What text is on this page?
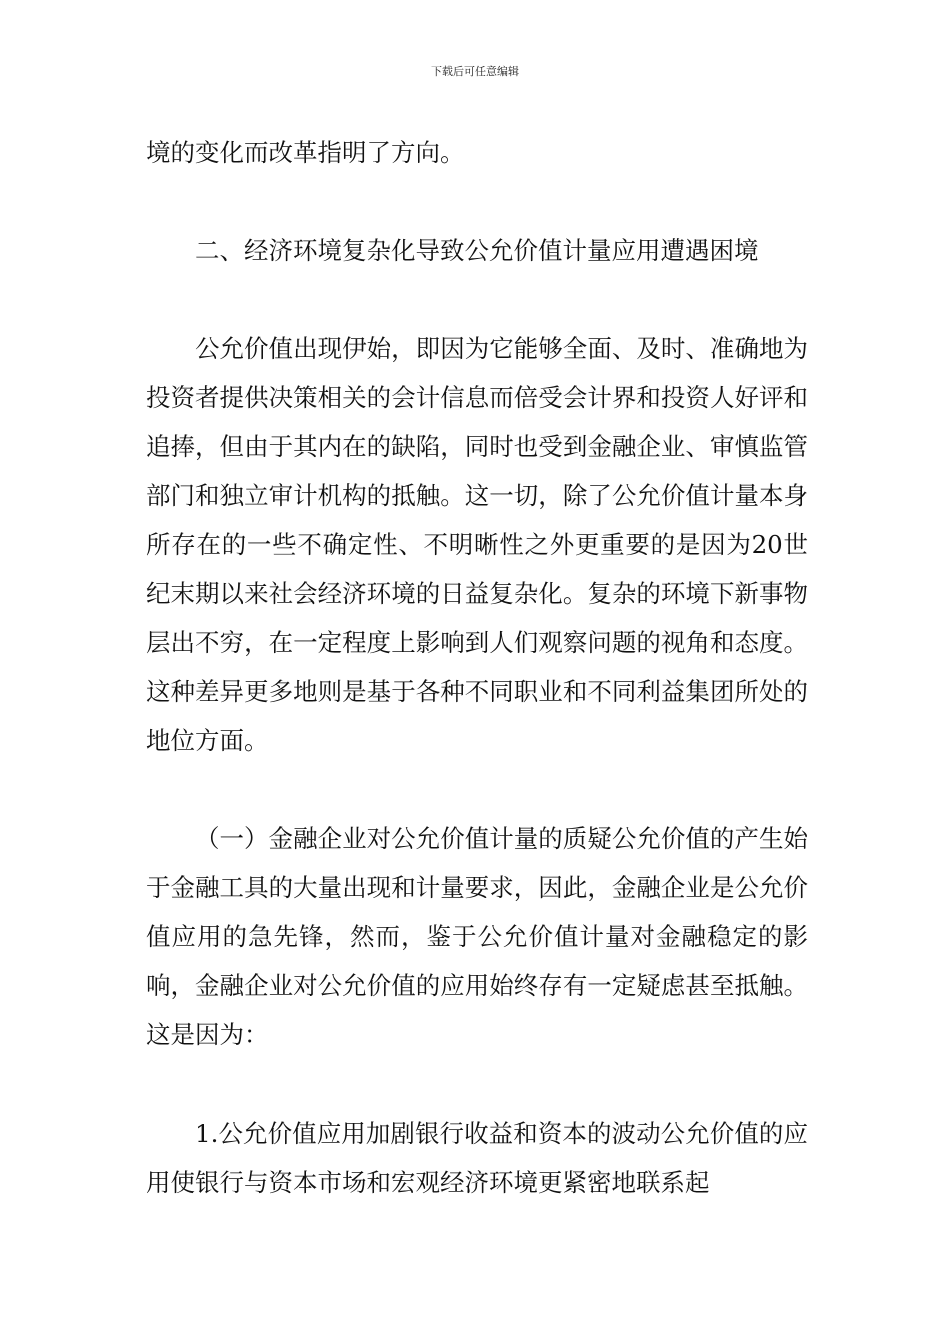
下载后可任意编辑

境的变化而改革指明了方向。

二、经济环境复杂化导致公允价值计量应用遭遇困境

公允价值出现伊始，即因为它能够全面、及时、准确地为投资者提供决策相关的会计信息而倍受会计界和投资人好评和追捧，但由于其内在的缺陷，同时也受到金融企业、审慎监管部门和独立审计机构的抵触。这一切，除了公允价值计量本身所存在的一些不确定性、不明晰性之外更重要的是因为20世纪末期以来社会经济环境的日益复杂化。复杂的环境下新事物层出不穷，在一定程度上影响到人们观察问题的视角和态度。这种差异更多地则是基于各种不同职业和不同利益集团所处的地位方面。

（一）金融企业对公允价值计量的质疑公允价值的产生始于金融工具的大量出现和计量要求，因此，金融企业是公允价值应用的急先锋，然而，鉴于公允价值计量对金融稳定的影响，金融企业对公允价值的应用始终存有一定疑虑甚至抵触。这是因为：

1.公允价值应用加剧银行收益和资本的波动公允价值的应用使银行与资本市场和宏观经济环境更紧密地联系起
